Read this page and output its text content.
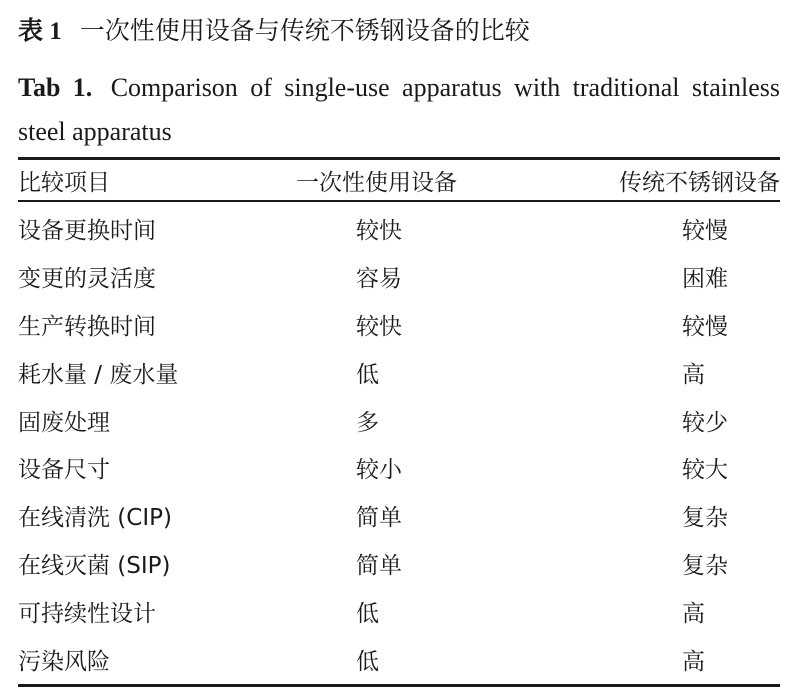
表 1 一次性使用设备与传统不锈钢设备的比较
Tab 1. Comparison of single-use apparatus with traditional stainless steel apparatus
比较项目	一次性使用设备	传统不锈钢设备
设备更换时间	较快	较慢
变更的灵活度	容易	困难
生产转换时间	较快	较慢
耗水量 / 废水量	低	高
固废处理	多	较少
设备尺寸	较小	较大
在线清洗 (CIP)	简单	复杂
在线灭菌 (SIP)	简单	复杂
可持续性设计	低	高
污染风险	低	高
